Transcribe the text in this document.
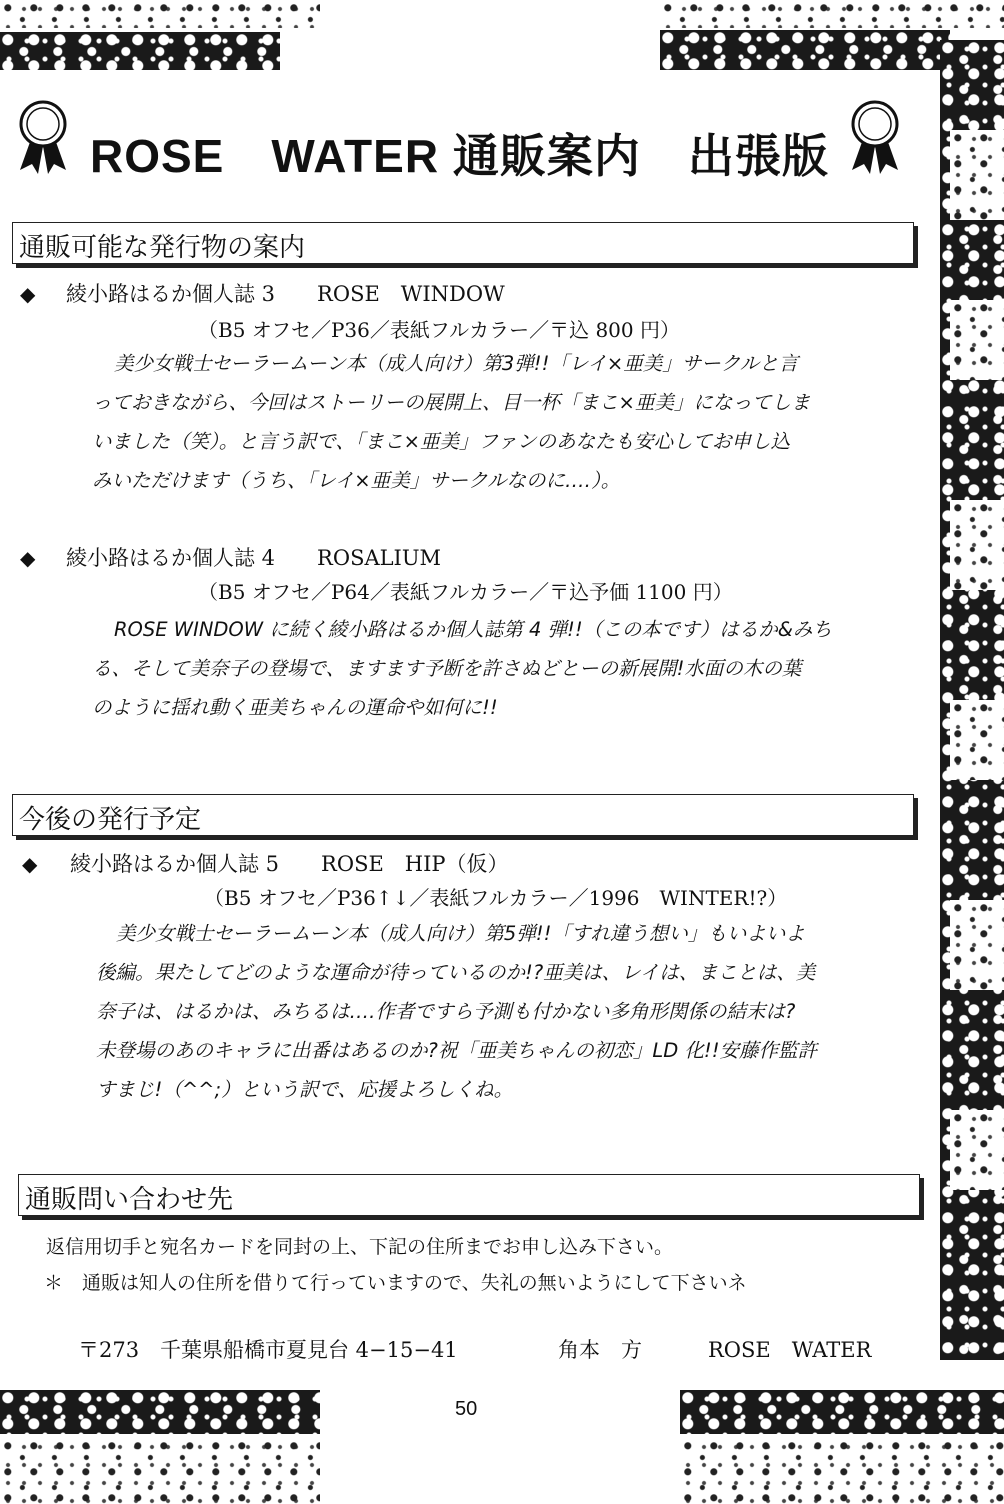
ROSE　WATER 通販案内　出張版
通販可能な発行物の案内
◆ 綾小路はるか個人誌 3　　ROSE　WINDOW
（B5 オフセ／P36／表紙フルカラー／〒込 800 円）
美少女戦士セーラームーン本（成人向け）第3弾!!「レイ×亜美」サークルと言
っておきながら、今回はストーリーの展開上、目一杯「まこ×亜美」になってしま
いました（笑）。と言う訳で、「まこ×亜美」ファンのあなたも安心してお申し込
みいただけます（うち、「レイ×亜美」サークルなのに‥‥）。
◆ 綾小路はるか個人誌 4　　ROSALIUM
（B5 オフセ／P64／表紙フルカラー／〒込予価 1100 円）
ROSE WINDOW に続く綾小路はるか個人誌第 4 弾!!（この本です）はるか&みち
る、そして美奈子の登場で、ますます予断を許さぬどとーの新展開!水面の木の葉
のように揺れ動く亜美ちゃんの運命や如何に!!
今後の発行予定
◆ 綾小路はるか個人誌 5　　ROSE　HIP（仮）
（B5 オフセ／P36↑↓／表紙フルカラー／1996　WINTER!?）
美少女戦士セーラームーン本（成人向け）第5弾!!「すれ違う想い」もいよいよ
後編。果たしてどのような運命が待っているのか!?亜美は、レイは、まことは、美
奈子は、はるかは、みちるは‥‥作者ですら予測も付かない多角形関係の結末は?
未登場のあのキャラに出番はあるのか?祝「亜美ちゃんの初恋」LD 化!!安藤作監許
すまじ!（^^;）という訳で、応援よろしくね。
通販問い合わせ先
返信用切手と宛名カードを同封の上、下記の住所までお申し込み下さい。
＊　通販は知人の住所を借りて行っていますので、失礼の無いようにして下さいネ

〒273

千葉県船橋市夏見台 4−15−41

	角本　方

	ROSE　WATER

50
